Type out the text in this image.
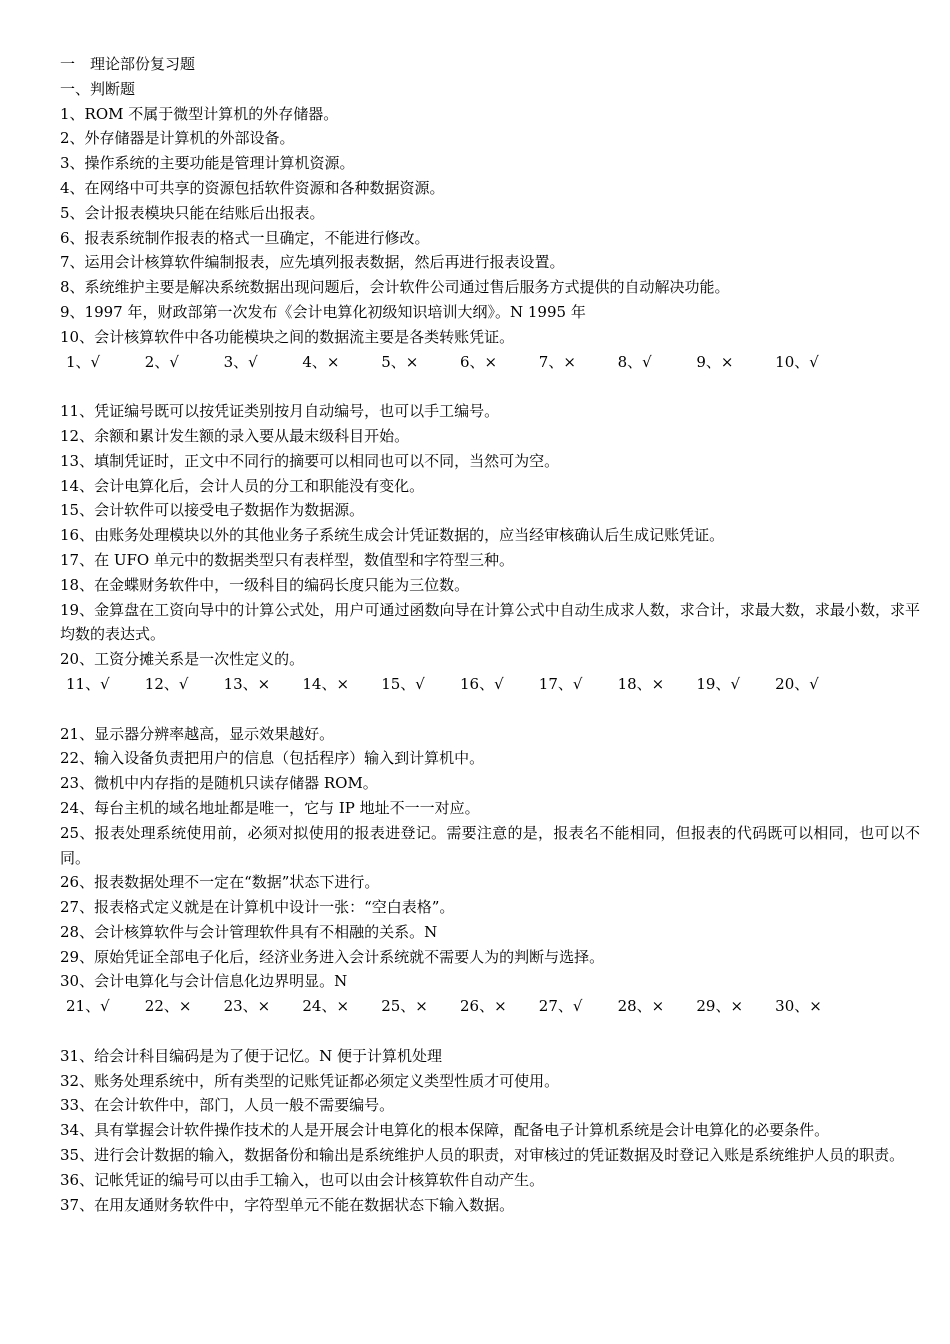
一　理论部份复习题
一、判断题
1、ROM 不属于微型计算机的外存储器。
2、外存储器是计算机的外部设备。
3、操作系统的主要功能是管理计算机资源。
4、在网络中可共享的资源包括软件资源和各种数据资源。
5、会计报表模块只能在结账后出报表。
6、报表系统制作报表的格式一旦确定，不能进行修改。
7、运用会计核算软件编制报表，应先填列报表数据，然后再进行报表设置。
8、系统维护主要是解决系统数据出现问题后，会计软件公司通过售后服务方式提供的自动解决功能。
9、1997 年，财政部第一次发布《会计电算化初级知识培训大纲》。N 1995 年
10、会计核算软件中各功能模块之间的数据流主要是各类转账凭证。
1、√	2、√	3、√	4、×	5、×	6、×	7、×	8、√	9、×	10、√
11、凭证编号既可以按凭证类别按月自动编号，也可以手工编号。
12、余额和累计发生额的录入要从最末级科目开始。
13、填制凭证时，正文中不同行的摘要可以相同也可以不同，当然可为空。
14、会计电算化后，会计人员的分工和职能没有变化。
15、会计软件可以接受电子数据作为数据源。
16、由账务处理模块以外的其他业务子系统生成会计凭证数据的，应当经审核确认后生成记账凭证。
17、在 UFO 单元中的数据类型只有表样型，数值型和字符型三种。
18、在金蝶财务软件中，一级科目的编码长度只能为三位数。
19、金算盘在工资向导中的计算公式处，用户可通过函数向导在计算公式中自动生成求人数，求合计，求最大数，求最小数，求平均数的表达式。
20、工资分摊关系是一次性定义的。
11、√	12、√	13、×	14、×	15、√	16、√	17、√	18、×	19、√	20、√
21、显示器分辨率越高，显示效果越好。
22、输入设备负责把用户的信息（包括程序）输入到计算机中。
23、微机中内存指的是随机只读存储器 ROM。
24、每台主机的域名地址都是唯一，它与 IP 地址不一一对应。
25、报表处理系统使用前，必须对拟使用的报表进登记。需要注意的是，报表名不能相同，但报表的代码既可以相同，也可以不同。
26、报表数据处理不一定在“数据”状态下进行。
27、报表格式定义就是在计算机中设计一张：“空白表格”。
28、会计核算软件与会计管理软件具有不相融的关系。N
29、原始凭证全部电子化后，经济业务进入会计系统就不需要人为的判断与选择。
30、会计电算化与会计信息化边界明显。N
21、√	22、×	23、×	24、×	25、×	26、×	27、√	28、×	29、×	30、×
31、给会计科目编码是为了便于记忆。N 便于计算机处理
32、账务处理系统中，所有类型的记账凭证都必须定义类型性质才可使用。
33、在会计软件中，部门，人员一般不需要编号。
34、具有掌握会计软件操作技术的人是开展会计电算化的根本保障，配备电子计算机系统是会计电算化的必要条件。
35、进行会计数据的输入，数据备份和输出是系统维护人员的职责，对审核过的凭证数据及时登记入账是系统维护人员的职责。
36、记帐凭证的编号可以由手工输入，也可以由会计核算软件自动产生。
37、在用友通财务软件中，字符型单元不能在数据状态下输入数据。
